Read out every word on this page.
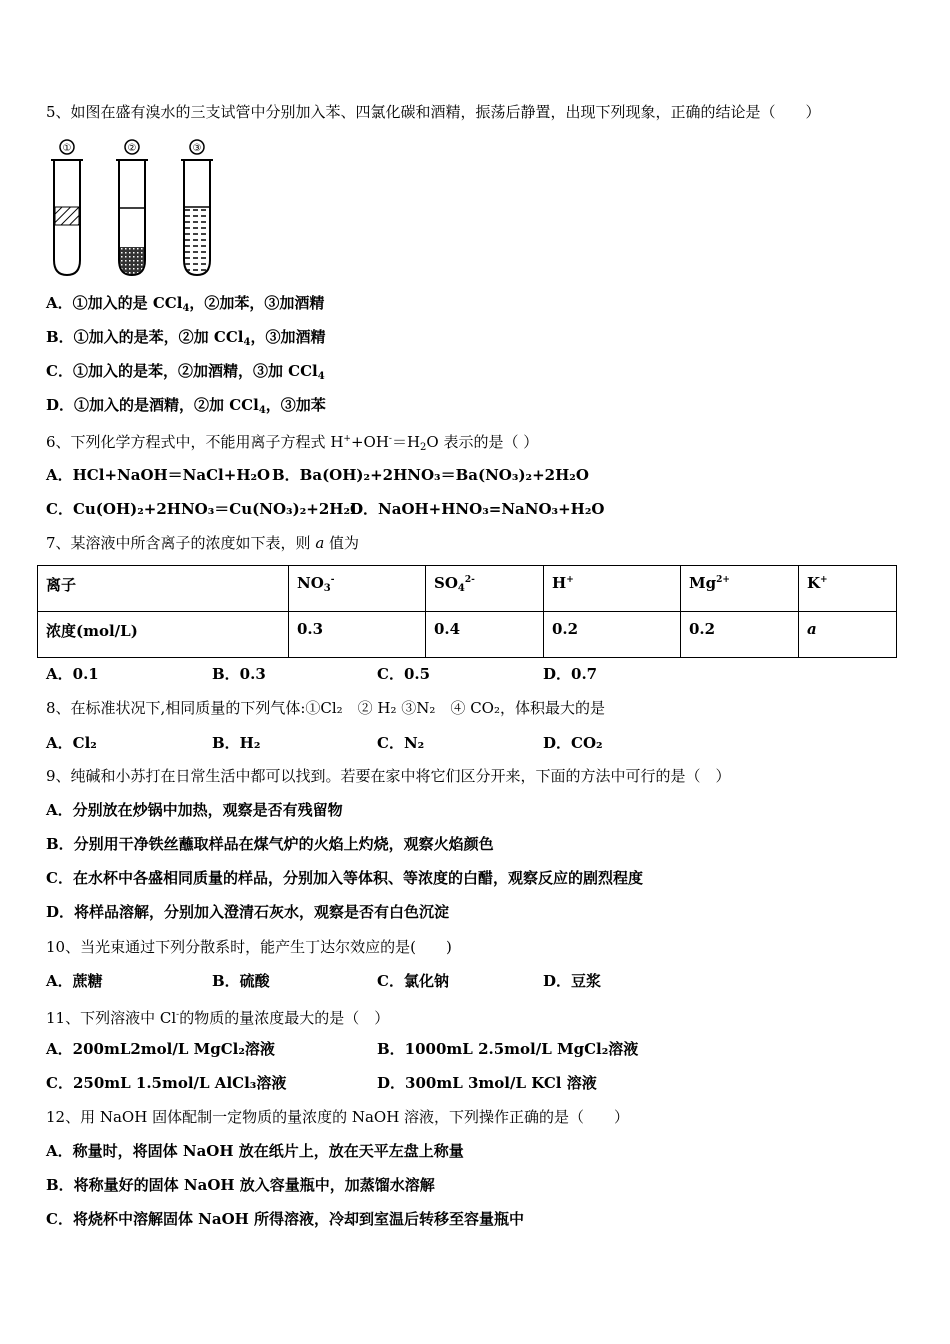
5、如图在盛有溴水的三支试管中分别加入苯、四氯化碳和酒精，振荡后静置，出现下列现象，正确的结论是（　　）
①	②	③
A．①加入的是 CCl$_4$，②加苯，③加酒精
B．①加入的是苯，②加 CCl$_4$，③加酒精
C．①加入的是苯，②加酒精，③加 CCl$_4$
D．①加入的是酒精，②加 CCl$_4$，③加苯
6、下列化学方程式中，不能用离子方程式 $H^++OH^-=H_2O$ 表示的是（ ）
A．HCl+NaOH＝NaCl+H₂O B．Ba(OH)₂+2HNO₃＝Ba(NO₃)₂+2H₂O
C．Cu(OH)₂+2HNO₃＝Cu(NO₃)₂+2H₂O
D．NaOH+HNO₃=NaNO₃+H₂O
7、某溶液中所含离子的浓度如下表，则 a 值为
离子	$NO_3^-$	$SO_4^{2-}$	H+	$Mg^{2+}$	K+
浓度(mol/L)	0.3	0.4	0.2	0.2	a
A．0.1	B．0.3	C．0.5	D．0.7
8、在标准状况下,相同质量的下列气体:①Cl₂　② H₂ ③N₂　④ CO₂，体积最大的是
A．Cl₂	B．H₂	C．N₂	D．CO₂
9、纯碱和小苏打在日常生活中都可以找到。若要在家中将它们区分开来，下面的方法中可行的是（　）
A．分别放在炒锅中加热，观察是否有残留物
B．分别用干净铁丝蘸取样品在煤气炉的火焰上灼烧，观察火焰颜色
C．在水杯中各盛相同质量的样品，分别加入等体积、等浓度的白醋，观察反应的剧烈程度
D．将样品溶解，分别加入澄清石灰水，观察是否有白色沉淀
10、当光束通过下列分散系时，能产生丁达尔效应的是(　　)
A．蔗糖	B．硫酸	C．氯化钠	D．豆浆
11、下列溶液中 Cl-的物质的量浓度最大的是（　）
A．200mL2mol/L MgCl₂溶液	B．1000mL 2.5mol/L MgCl₂溶液
C．250mL 1.5mol/L AlCl₃溶液	D．300mL 3mol/L KCl 溶液
12、用 NaOH 固体配制一定物质的量浓度的 NaOH 溶液，下列操作正确的是（　　）
A．称量时，将固体 NaOH 放在纸片上，放在天平左盘上称量
B．将称量好的固体 NaOH 放入容量瓶中，加蒸馏水溶解
C．将烧杯中溶解固体 NaOH 所得溶液，冷却到室温后转移至容量瓶中
